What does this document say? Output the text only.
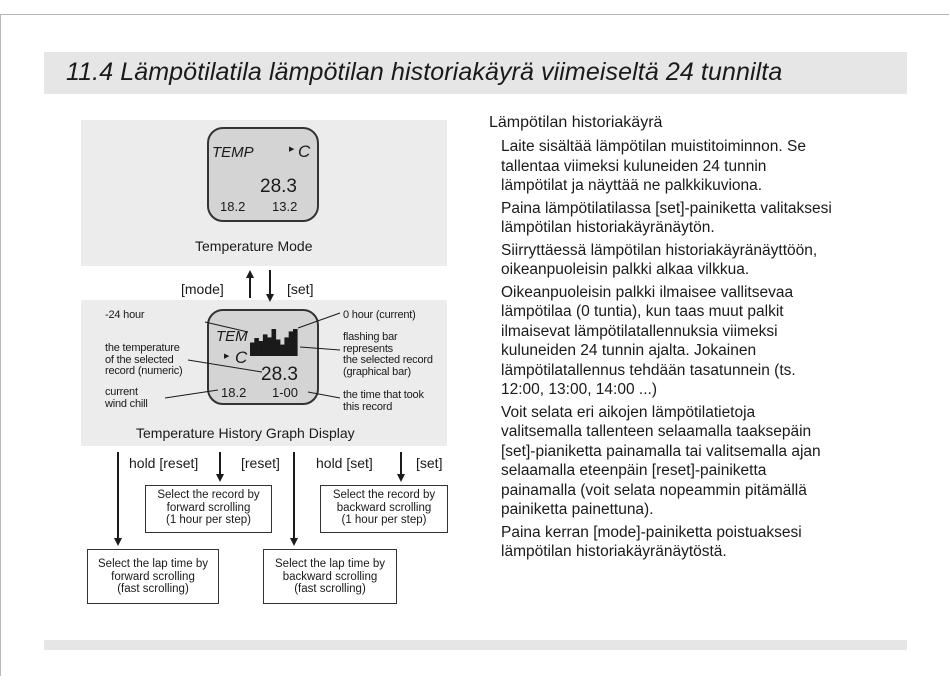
11.4 Lämpötilatila lämpötilan historiakäyrä viimeiseltä 24 tunnilta
TEMP	▶ C
28.3
18.2 13.2
Temperature Mode
[mode]	[set]
TEM
▶ C
28.3
18.2 1-00
Temperature History Graph Display
-24 hour
the temperature
of the selected
record (numeric)
current
wind chill
0 hour (current)
flashing bar
represents
the selected record
(graphical bar)
the time that took
this record
hold [reset]	[reset]	hold [set]	[set]
Select the record by
forward scrolling
(1 hour per step)
Select the record by
backward scrolling
(1 hour per step)
Select the lap time by
forward scrolling
(fast scrolling)
Select the lap time by
backward scrolling
(fast scrolling)
Lämpötilan historiakäyrä
Laite sisältää lämpötilan muistitoiminnon. Se
tallentaa viimeksi kuluneiden 24 tunnin
lämpötilat ja näyttää ne palkkikuviona.
Paina lämpötilatilassa [set]-painiketta valitaksesi
lämpötilan historiakäyränäytön.
Siirryttäessä lämpötilan historiakäyränäyttöön,
oikeanpuoleisin palkki alkaa vilkkua.
Oikeanpuoleisin palkki ilmaisee vallitsevaa
lämpötilaa (0 tuntia), kun taas muut palkit
ilmaisevat lämpötilatallennuksia viimeksi
kuluneiden 24 tunnin ajalta. Jokainen
lämpötilatallennus tehdään tasatunnein (ts.
12:00, 13:00, 14:00 ...)
Voit selata eri aikojen lämpötilatietoja
valitsemalla tallenteen selaamalla taaksepäin
[set]-pianiketta painamalla tai valitsemalla ajan
selaamalla eteenpäin [reset]-painiketta
painamalla (voit selata nopeammin pitämällä
painiketta painettuna).
Paina kerran [mode]-painiketta poistuaksesi
lämpötilan historiakäyränäytöstä.
